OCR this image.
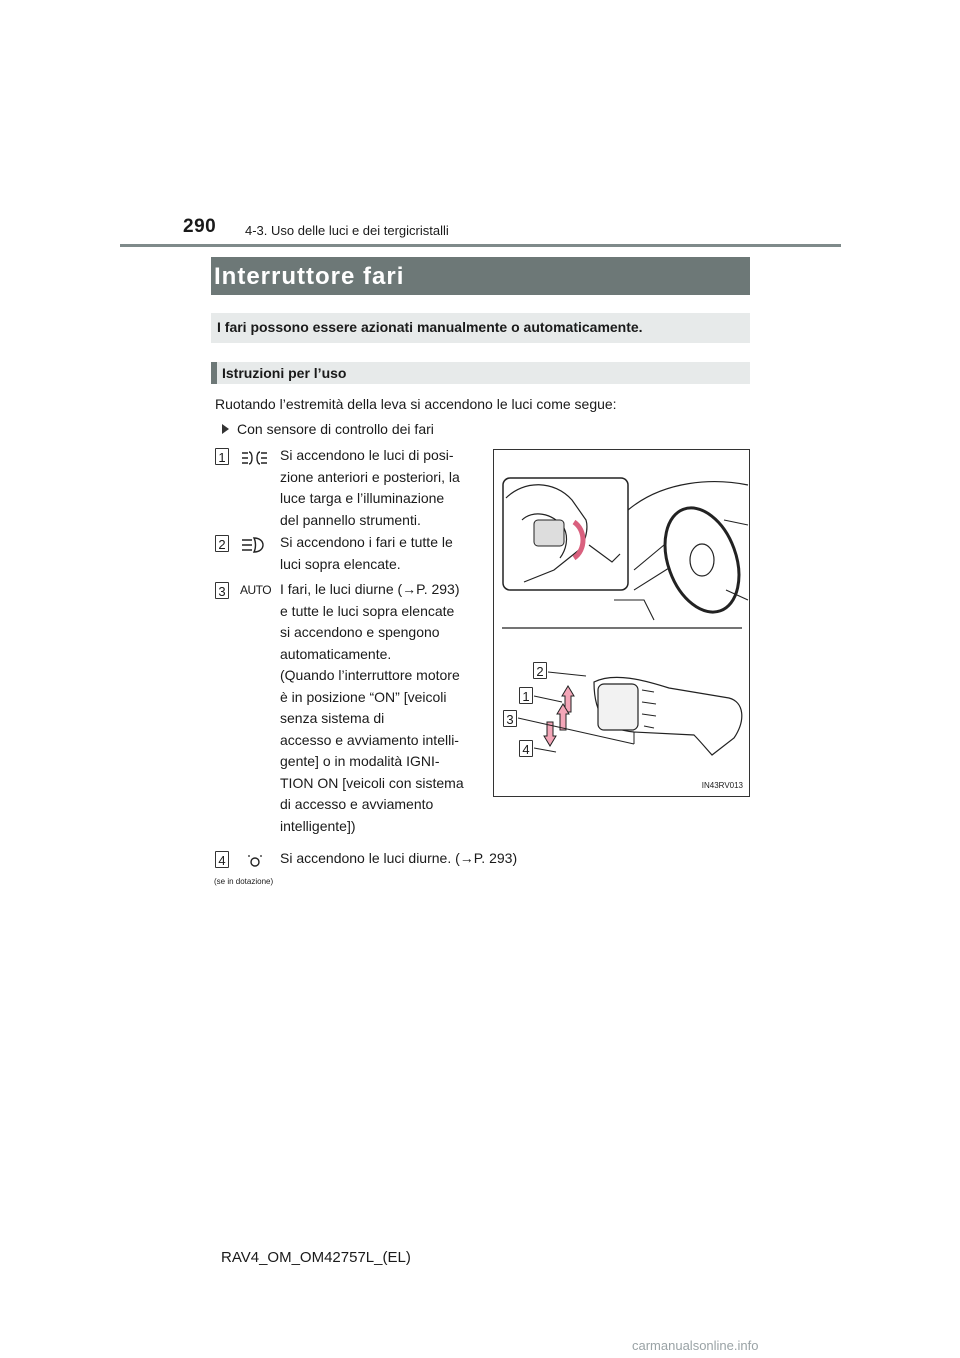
290 4-3. Uso delle luci e dei tergicristalli
Interruttore fari
I fari possono essere azionati manualmente o automaticamente.
Istruzioni per l’uso
Ruotando l’estremità della leva si accendono le luci come segue:
Con sensore di controllo dei fari
1	Si accendono le luci di posi-
zione anteriori e posteriori, la
luce targa e l’illuminazione
del pannello strumenti.
2	Si accendono i fari e tutte le
luci sopra elencate.
3 AUTO I fari, le luci diurne (→P. 293)
e tutte le luci sopra elencate
si accendono e spengono
automaticamente.
(Quando l’interruttore motore
è in posizione “ON” [veicoli
senza sistema di
accesso e avviamento intelli-
gente] o in modalità IGNI-
TION ON [veicoli con sistema
di accesso e avviamento
intelligente])
4	Si accendono le luci diurne. (→P. 293)
(se in dotazione)
2
1
3
4
IN43RV013
RAV4_OM_OM42757L_(EL)
carmanualsonline.info
